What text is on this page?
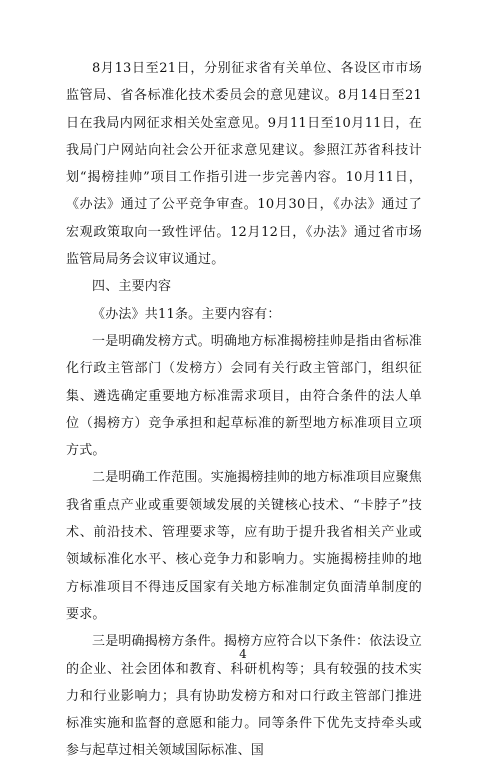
8月13日至21日，分别征求省有关单位、各设区市市场监管局、省各标准化技术委员会的意见建议。8月14日至21日在我局内网征求相关处室意见。9月11日至10月11日，在我局门户网站向社会公开征求意见建议。参照江苏省科技计划“揭榜挂帅”项目工作指引进一步完善内容。10月11日，《办法》通过了公平竞争审查。10月30日，《办法》通过了宏观政策取向一致性评估。12月12日，《办法》通过省市场监管局局务会议审议通过。

四、主要内容

《办法》共11条。主要内容有：

一是明确发榜方式。明确地方标准揭榜挂帅是指由省标准化行政主管部门（发榜方）会同有关行政主管部门，组织征集、遴选确定重要地方标准需求项目，由符合条件的法人单位（揭榜方）竞争承担和起草标准的新型地方标准项目立项方式。

二是明确工作范围。实施揭榜挂帅的地方标准项目应聚焦我省重点产业或重要领域发展的关键核心技术、“卡脖子”技术、前沿技术、管理要求等，应有助于提升我省相关产业或领域标准化水平、核心竞争力和影响力。实施揭榜挂帅的地方标准项目不得违反国家有关地方标准制定负面清单制度的要求。

三是明确揭榜方条件。揭榜方应符合以下条件：依法设立的企业、社会团体和教育、科研机构等；具有较强的技术实力和行业影响力；具有协助发榜方和对口行政主管部门推进标准实施和监督的意愿和能力。同等条件下优先支持牵头或参与起草过相关领域国际标准、国

4
